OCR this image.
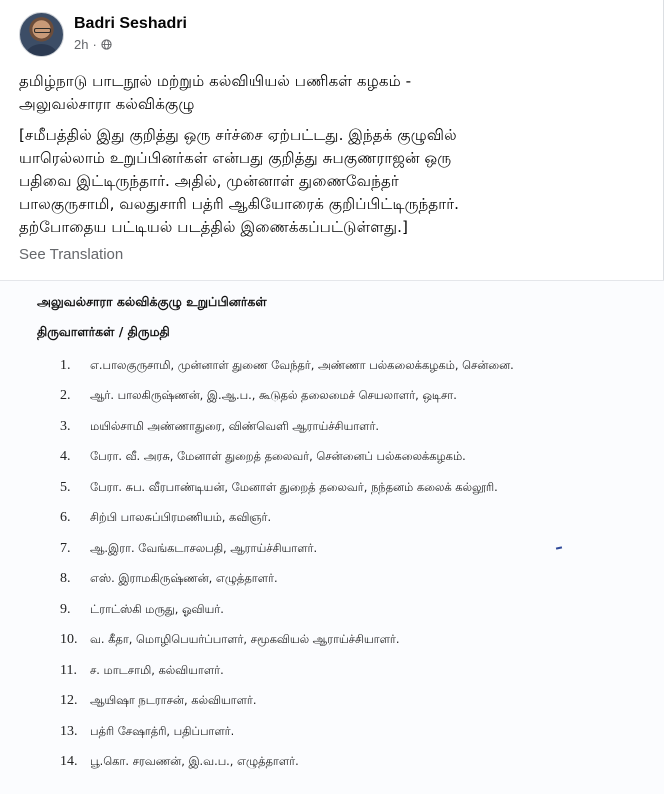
Badri Seshadri
2h ·

தமிழ்நாடு பாடநூல் மற்றும் கல்வியியல் பணிகள் கழகம் -
அலுவல்சாரா கல்விக்குழு

[சமீபத்தில் இது குறித்து ஒரு சர்ச்சை ஏற்பட்டது. இந்தக் குழுவில்
யாரெல்லாம் உறுப்பினர்கள் என்பது குறித்து சுபகுணராஜன் ஒரு
பதிவை இட்டிருந்தார். அதில், முன்னாள் துணைவேந்தர்
பாலகுருசாமி, வலதுசாரி பத்ரி ஆகியோரைக் குறிப்பிட்டிருந்தார்.
தற்போதைய பட்டியல் படத்தில் இணைக்கப்பட்டுள்ளது.]

See Translation
அலுவல்சாரா கல்விக்குழு உறுப்பினர்கள்
திருவாளர்கள் / திருமதி
1. எ.பாலகுருசாமி, முன்னாள் துணை வேந்தர், அண்ணா பல்கலைக்கழகம், சென்னை.
2. ஆர். பாலகிருஷ்ணன், இ.ஆ.ப., கூடுதல் தலைமைச் செயலாளர், ஒடிசா.
3. மயில்சாமி அண்ணாதுரை, விண்வெளி ஆராய்ச்சியாளர்.
4. பேரா. வீ. அரசு, மேனாள் துறைத் தலைவர், சென்னைப் பல்கலைக்கழகம்.
5. பேரா. சுப. வீரபாண்டியன், மேனாள் துறைத் தலைவர், நந்தனம் கலைக் கல்லூரி.
6. சிற்பி பாலசுப்பிரமணியம், கவிஞர்.
7. ஆ.இரா. வேங்கடாசலபதி, ஆராய்ச்சியாளர்.
8. எஸ். இராமகிருஷ்ணன், எழுத்தாளர்.
9. ட்ராட்ஸ்கி மருது, ஓவியர்.
10. வ. கீதா, மொழிபெயர்ப்பாளர், சமூகவியல் ஆராய்ச்சியாளர்.
11. ச. மாடசாமி, கல்வியாளர்.
12. ஆயிஷா நடராசன், கல்வியாளர்.
13. பத்ரி சேஷாத்ரி, பதிப்பாளர்.
14. பூ.கொ. சரவணன், இ.வ.ப., எழுத்தாளர்.
